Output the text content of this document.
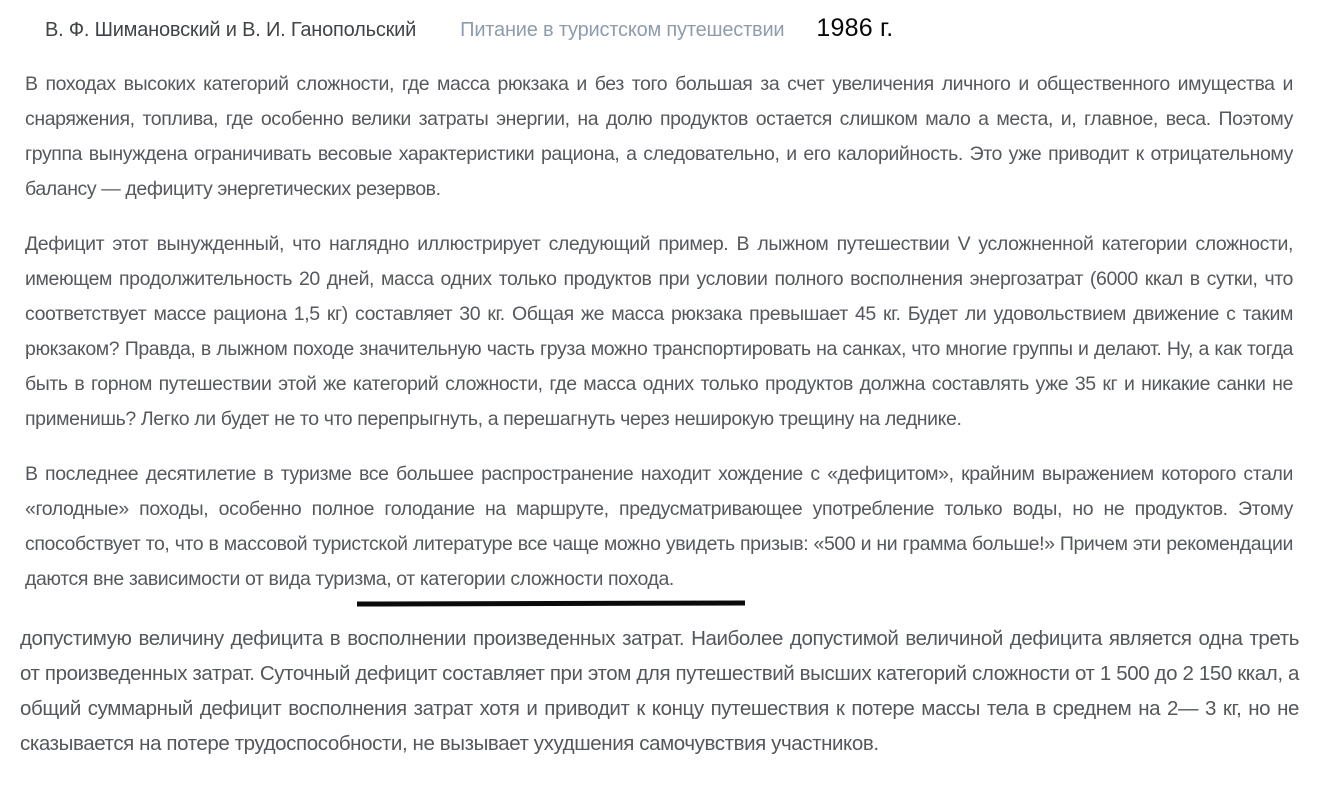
В. Ф. Шимановский и В. И. Ганопольский Питание в туристском путешествии 1986 г.

В походах высоких категорий сложности, где масса рюкзака и без того большая за счет увеличения личного и общественного имущества и снаряжения, топлива, где особенно велики затраты энергии, на долю продуктов остается слишком мало а места, и, главное, веса. Поэтому группа вынуждена ограничивать весовые характеристики рациона, а следовательно, и его калорийность. Это уже приводит к отрицательному балансу — дефициту энергетических резервов.

Дефицит этот вынужденный, что наглядно иллюстрирует следующий пример. В лыжном путешествии V усложненной категории сложности, имеющем продолжительность 20 дней, масса одних только продуктов при условии полного восполнения энергозатрат (6000 ккал в сутки, что соответствует массе рациона 1,5 кг) составляет 30 кг. Общая же масса рюкзака превышает 45 кг. Будет ли удовольствием движение с таким рюкзаком? Правда, в лыжном походе значительную часть груза можно транспортировать на санках, что многие группы и делают. Ну, а как тогда быть в горном путешествии этой же категорий сложности, где масса одних только продуктов должна составлять уже 35 кг и никакие санки не применишь? Легко ли будет не то что перепрыгнуть, а перешагнуть через неширокую трещину на леднике.

В последнее десятилетие в туризме все большее распространение находит хождение с «дефицитом», крайним выражением которого стали «голодные» походы, особенно полное голодание на маршруте, предусматривающее употребление только воды, но не продуктов. Этому способствует то, что в массовой туристской литературе все чаще можно увидеть призыв: «500 и ни грамма больше!» Причем эти рекомендации даются вне зависимости от вида туризма, от категории сложности похода.

допустимую величину дефицита в восполнении произведенных затрат. Наиболее допустимой величиной дефицита является одна треть от произведенных затрат. Суточный дефицит составляет при этом для путешествий высших категорий сложности от 1 500 до 2 150 ккал, а общий суммарный дефицит восполнения затрат хотя и приводит к концу путешествия к потере массы тела в среднем на 2— 3 кг, но не сказывается на потере трудоспособности, не вызывает ухудшения самочувствия участников.
